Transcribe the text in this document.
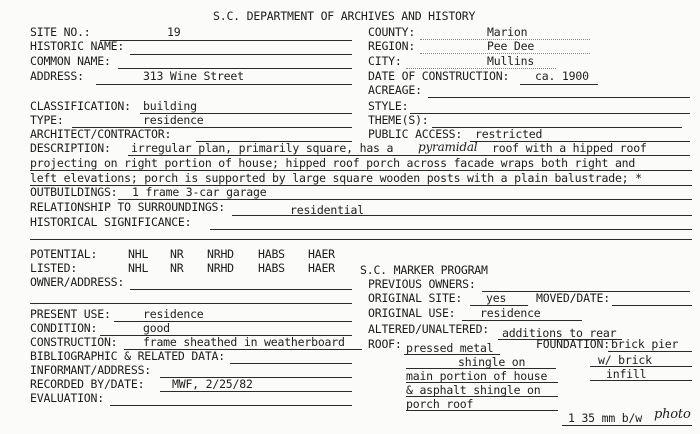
S.C. DEPARTMENT OF ARCHIVES AND HISTORY
SITE NO.:	19
HISTORIC NAME:
COMMON NAME:
ADDRESS:	313 Wine Street
COUNTY:	Marion
REGION:	Pee Dee
CITY:	Mullins
DATE OF CONSTRUCTION: ca. 1900
ACREAGE:
CLASSIFICATION: building	STYLE:
TYPE:	residence	THEME(S):
ARCHITECT/CONTRACTOR:	PUBLIC ACCESS: restricted
DESCRIPTION: irregular plan, primarily square, has a pyramidal roof with a hipped roof
projecting on right portion of house; hipped roof porch across facade wraps both right and
left elevations; porch is supported by large square wooden posts with a plain balustrade; *
OUTBUILDINGS: 1 frame 3-car garage
RELATIONSHIP TO SURROUNDINGS:	residential
HISTORICAL SIGNIFICANCE:
POTENTIAL:	NHL NR NRHD HABS HAER
LISTED:	NHL NR NRHD HABS HAER S.C. MARKER PROGRAM
OWNER/ADDRESS:	PREVIOUS OWNERS:
ORIGINAL SITE: yes	MOVED/DATE:
PRESENT USE:	residence
CONDITION:	good
CONSTRUCTION: frame sheathed in weatherboard
BIBLIOGRAPHIC & RELATED DATA:
INFORMANT/ADDRESS:
RECORDED BY/DATE: MWF, 2/25/82
EVALUATION:
ORIGINAL USE: residence
ALTERED/UNALTERED: additions to rear
ROOF: pressed metal
shingle on
main portion of house
& asphalt shingle on
porch roof
FOUNDATION: brick pier
w/ brick
infill
1 35 mm b/w photo
